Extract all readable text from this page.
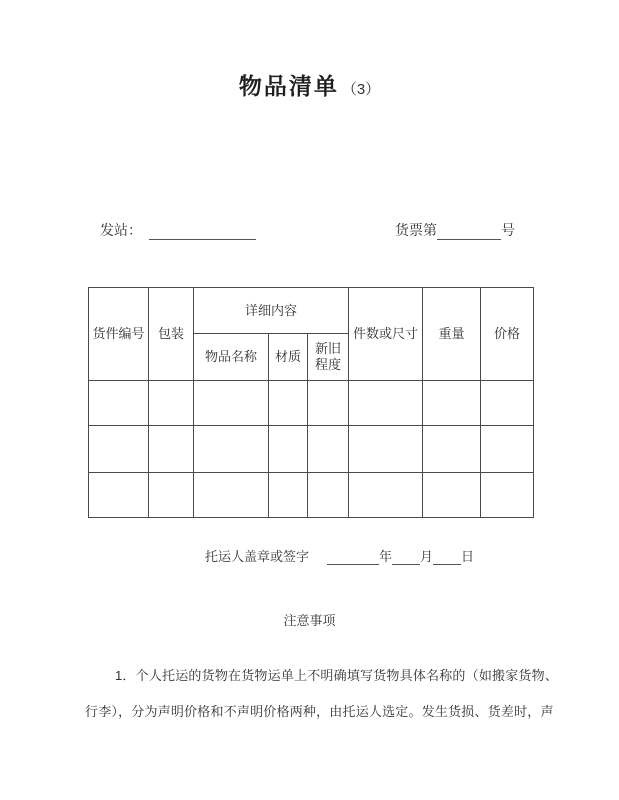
物品清单 （3）
发站：	货票第	号
货件编号	包装	详细内容			件数或尺寸	重量	价格
		物品名称	材质	新旧程度			

托运人盖章或签字	年 月 日
注意事项
1．个人托运的货物在货物运单上不明确填写货物具体名称的（如搬家货物、
行李），分为声明价格和不声明价格两种，由托运人选定。发生货损、货差时，声
